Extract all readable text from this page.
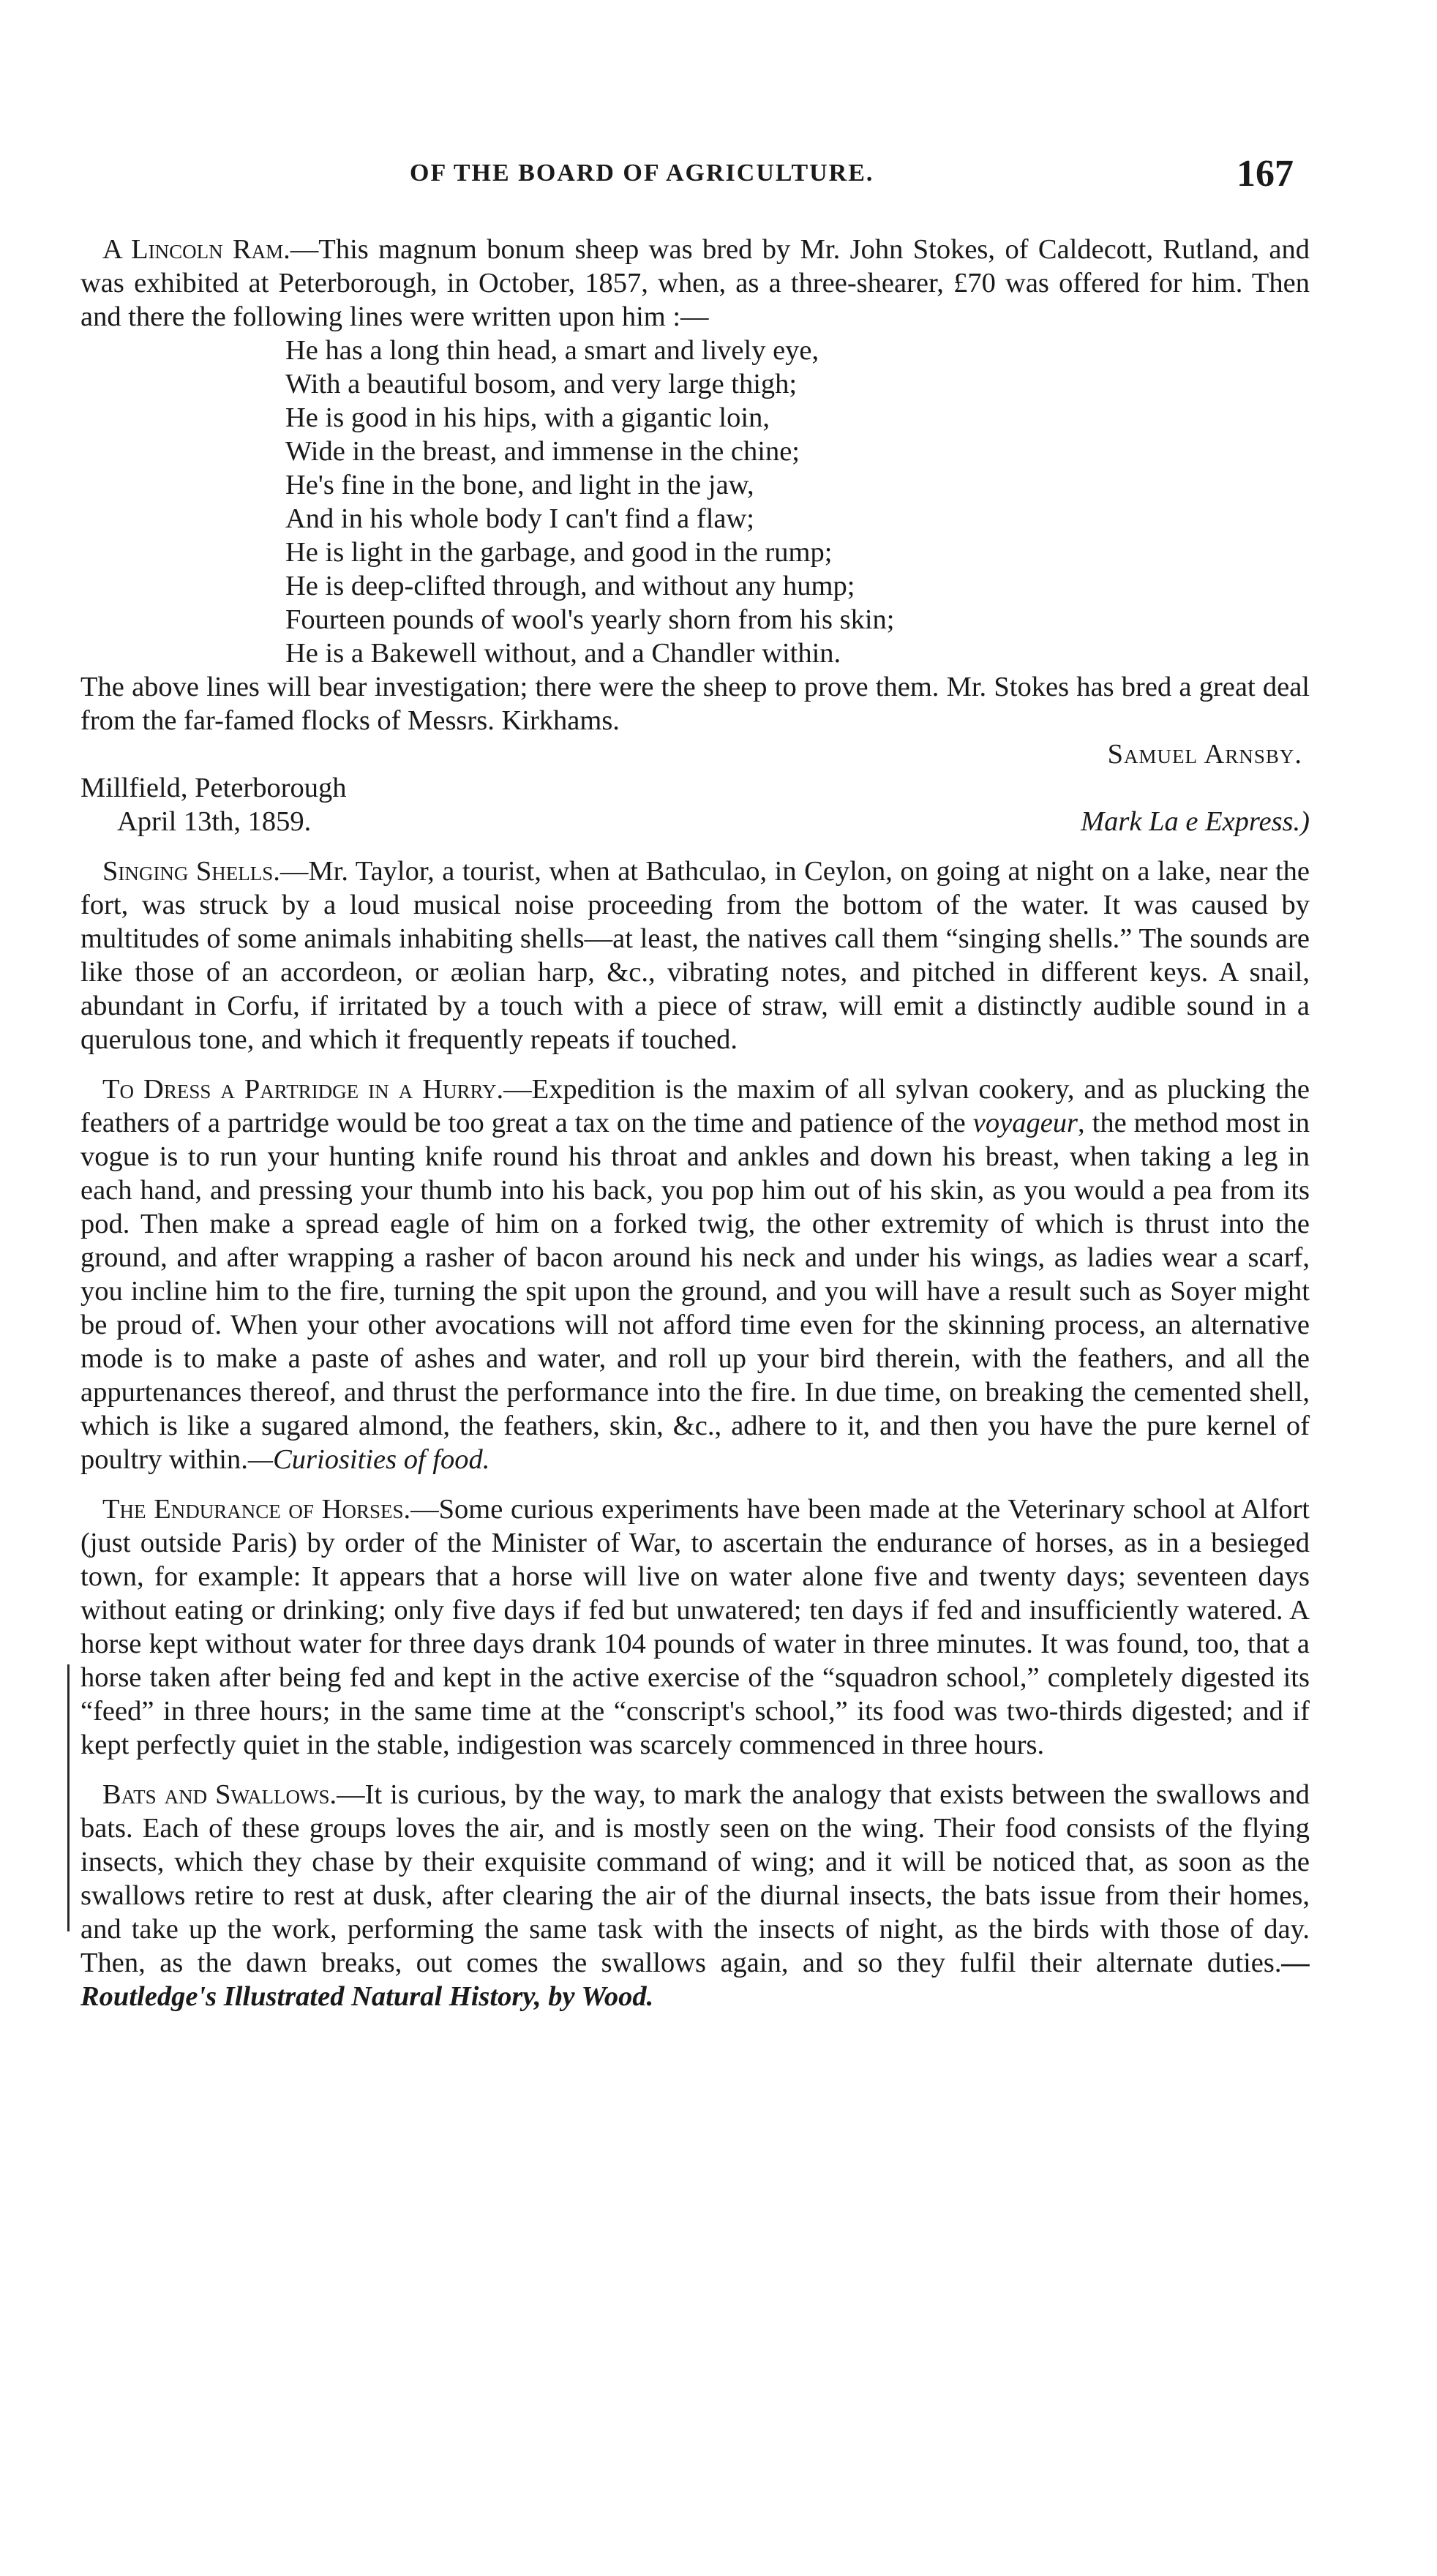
OF THE BOARD OF AGRICULTURE.	167

A Lincoln Ram.—This magnum bonum sheep was bred by Mr. John Stokes, of Caldecott, Rutland, and was exhibited at Peterborough, in October, 1857, when, as a three-shearer, £70 was offered for him. Then and there the following lines were written upon him :—

He has a long thin head, a smart and lively eye,
With a beautiful bosom, and very large thigh;
He is good in his hips, with a gigantic loin,
Wide in the breast, and immense in the chine;
He's fine in the bone, and light in the jaw,
And in his whole body I can't find a flaw;
He is light in the garbage, and good in the rump;
He is deep-clifted through, and without any hump;
Fourteen pounds of wool's yearly shorn from his skin;
He is a Bakewell without, and a Chandler within.

The above lines will bear investigation; there were the sheep to prove them. Mr. Stokes has bred a great deal from the far-famed flocks of Messrs. Kirkhams.

Samuel Arnsby.

Millfield, Peterborough
April 13th, 1859.	Mark La e Express.)

Singing Shells.—Mr. Taylor, a tourist, when at Bathculao, in Ceylon, on going at night on a lake, near the fort, was struck by a loud musical noise proceeding from the bottom of the water. It was caused by multitudes of some animals inhabiting shells—at least, the natives call them “singing shells.” The sounds are like those of an accordeon, or æolian harp, &c., vibrating notes, and pitched in different keys. A snail, abundant in Corfu, if irritated by a touch with a piece of straw, will emit a distinctly audible sound in a querulous tone, and which it frequently repeats if touched.

To Dress a Partridge in a Hurry.—Expedition is the maxim of all sylvan cookery, and as plucking the feathers of a partridge would be too great a tax on the time and patience of the voyageur, the method most in vogue is to run your hunting knife round his throat and ankles and down his breast, when taking a leg in each hand, and pressing your thumb into his back, you pop him out of his skin, as you would a pea from its pod. Then make a spread eagle of him on a forked twig, the other extremity of which is thrust into the ground, and after wrapping a rasher of bacon around his neck and under his wings, as ladies wear a scarf, you incline him to the fire, turning the spit upon the ground, and you will have a result such as Soyer might be proud of. When your other avocations will not afford time even for the skinning process, an alternative mode is to make a paste of ashes and water, and roll up your bird therein, with the feathers, and all the appurtenances thereof, and thrust the performance into the fire. In due time, on breaking the cemented shell, which is like a sugared almond, the feathers, skin, &c., adhere to it, and then you have the pure kernel of poultry within.—Curiosities of food.

The Endurance of Horses.—Some curious experiments have been made at the Veterinary school at Alfort (just outside Paris) by order of the Minister of War, to ascertain the endurance of horses, as in a besieged town, for example: It appears that a horse will live on water alone five and twenty days; seventeen days without eating or drinking; only five days if fed but unwatered; ten days if fed and insufficiently watered. A horse kept without water for three days drank 104 pounds of water in three minutes. It was found, too, that a horse taken after being fed and kept in the active exercise of the “squadron school,” completely digested its “feed” in three hours; in the same time at the “conscript's school,” its food was two-thirds digested; and if kept perfectly quiet in the stable, indigestion was scarcely commenced in three hours.

Bats and Swallows.—It is curious, by the way, to mark the analogy that exists between the swallows and bats. Each of these groups loves the air, and is mostly seen on the wing. Their food consists of the flying insects, which they chase by their exquisite command of wing; and it will be noticed that, as soon as the swallows retire to rest at dusk, after clearing the air of the diurnal insects, the bats issue from their homes, and take up the work, performing the same task with the insects of night, as the birds with those of day. Then, as the dawn breaks, out comes the swallows again, and so they fulfil their alternate duties.—Routledge's Illustrated Natural History, by Wood.
